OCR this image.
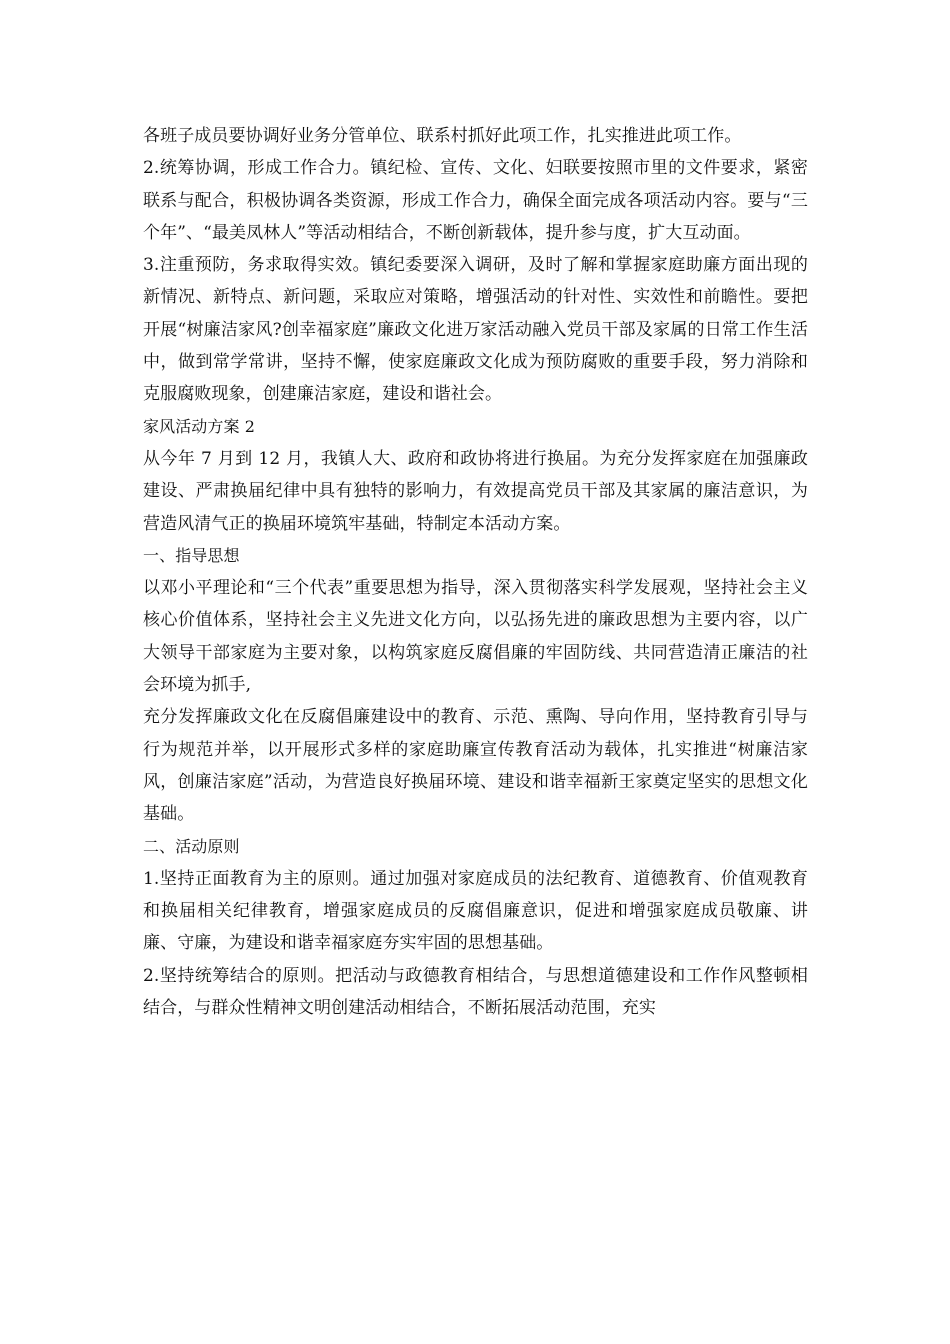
各班子成员要协调好业务分管单位、联系村抓好此项工作，扎实推进此项工作。

2.统筹协调，形成工作合力。镇纪检、宣传、文化、妇联要按照市里的文件要求，紧密联系与配合，积极协调各类资源，形成工作合力，确保全面完成各项活动内容。要与“三个年”、“最美凤林人”等活动相结合，不断创新载体，提升参与度，扩大互动面。

3.注重预防，务求取得实效。镇纪委要深入调研，及时了解和掌握家庭助廉方面出现的新情况、新特点、新问题，采取应对策略，增强活动的针对性、实效性和前瞻性。要把开展“树廉洁家风?创幸福家庭”廉政文化进万家活动融入党员干部及家属的日常工作生活中，做到常学常讲，坚持不懈，使家庭廉政文化成为预防腐败的重要手段，努力消除和克服腐败现象，创建廉洁家庭，建设和谐社会。

家风活动方案 2

从今年 7 月到 12 月，我镇人大、政府和政协将进行换届。为充分发挥家庭在加强廉政建设、严肃换届纪律中具有独特的影响力，有效提高党员干部及其家属的廉洁意识，为营造风清气正的换届环境筑牢基础，特制定本活动方案。

一、指导思想

以邓小平理论和“三个代表”重要思想为指导，深入贯彻落实科学发展观，坚持社会主义核心价值体系，坚持社会主义先进文化方向，以弘扬先进的廉政思想为主要内容，以广大领导干部家庭为主要对象，以构筑家庭反腐倡廉的牢固防线、共同营造清正廉洁的社会环境为抓手,

充分发挥廉政文化在反腐倡廉建设中的教育、示范、熏陶、导向作用，坚持教育引导与行为规范并举，以开展形式多样的家庭助廉宣传教育活动为载体，扎实推进“树廉洁家风，创廉洁家庭”活动，为营造良好换届环境、建设和谐幸福新王家奠定坚实的思想文化基础。

二、活动原则

1.坚持正面教育为主的原则。通过加强对家庭成员的法纪教育、道德教育、价值观教育和换届相关纪律教育，增强家庭成员的反腐倡廉意识，促进和增强家庭成员敬廉、讲廉、守廉，为建设和谐幸福家庭夯实牢固的思想基础。

2.坚持统筹结合的原则。把活动与政德教育相结合，与思想道德建设和工作作风整顿相结合，与群众性精神文明创建活动相结合，不断拓展活动范围，充实
